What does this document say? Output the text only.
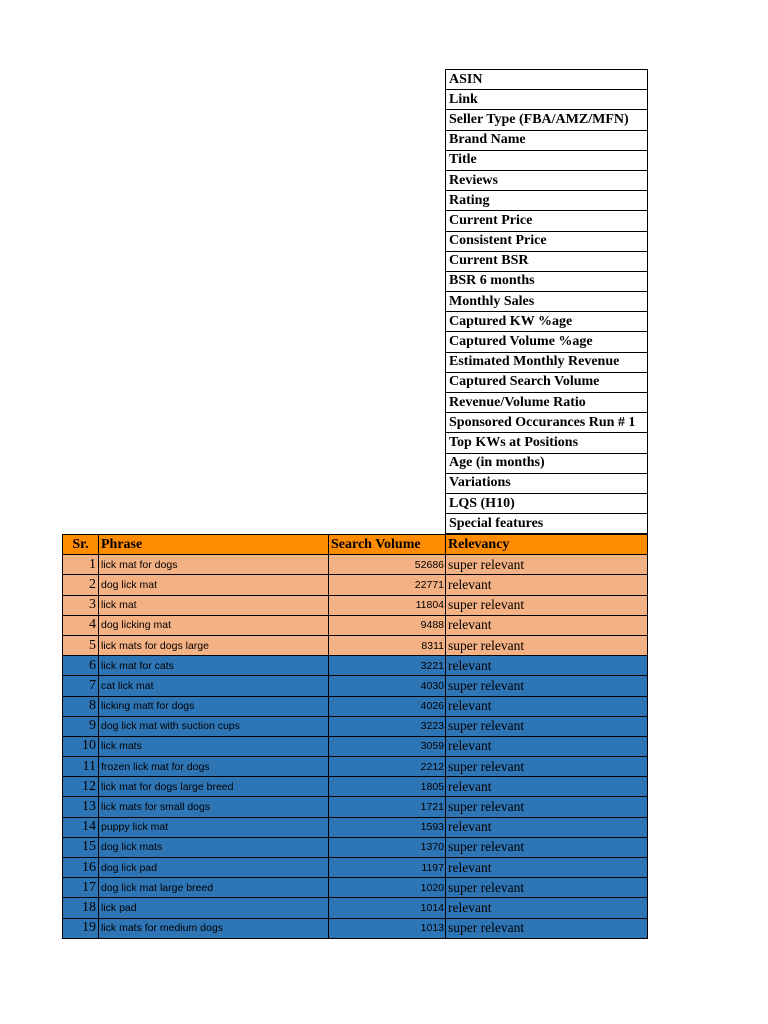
ASIN
Link
Seller Type (FBA/AMZ/MFN)
Brand Name
Title
Reviews
Rating
Current Price
Consistent Price
Current BSR
BSR 6 months
Monthly Sales
Captured KW %age
Captured Volume %age
Estimated Monthly Revenue
Captured Search Volume
Revenue/Volume Ratio
Sponsored Occurances Run # 1
Top KWs at Positions
Age (in months)
Variations
LQS (H10)
Special features
Sr.	Phrase	Search Volume	Relevancy
1	lick mat for dogs	52686	super relevant
2	dog lick mat	22771	relevant
3	lick mat	11804	super relevant
4	dog licking mat	9488	relevant
5	lick mats for dogs large	8311	super relevant
6	lick mat for cats	3221	relevant
7	cat lick mat	4030	super relevant
8	licking matt for dogs	4026	relevant
9	dog lick mat with suction cups	3223	super relevant
10	lick mats	3059	relevant
11	frozen lick mat for dogs	2212	super relevant
12	lick mat for dogs large breed	1805	relevant
13	lick mats for small dogs	1721	super relevant
14	puppy lick mat	1593	relevant
15	dog lick mats	1370	super relevant
16	dog lick pad	1197	relevant
17	dog lick mat large breed	1020	super relevant
18	lick pad	1014	relevant
19	lick mats for medium dogs	1013	super relevant
